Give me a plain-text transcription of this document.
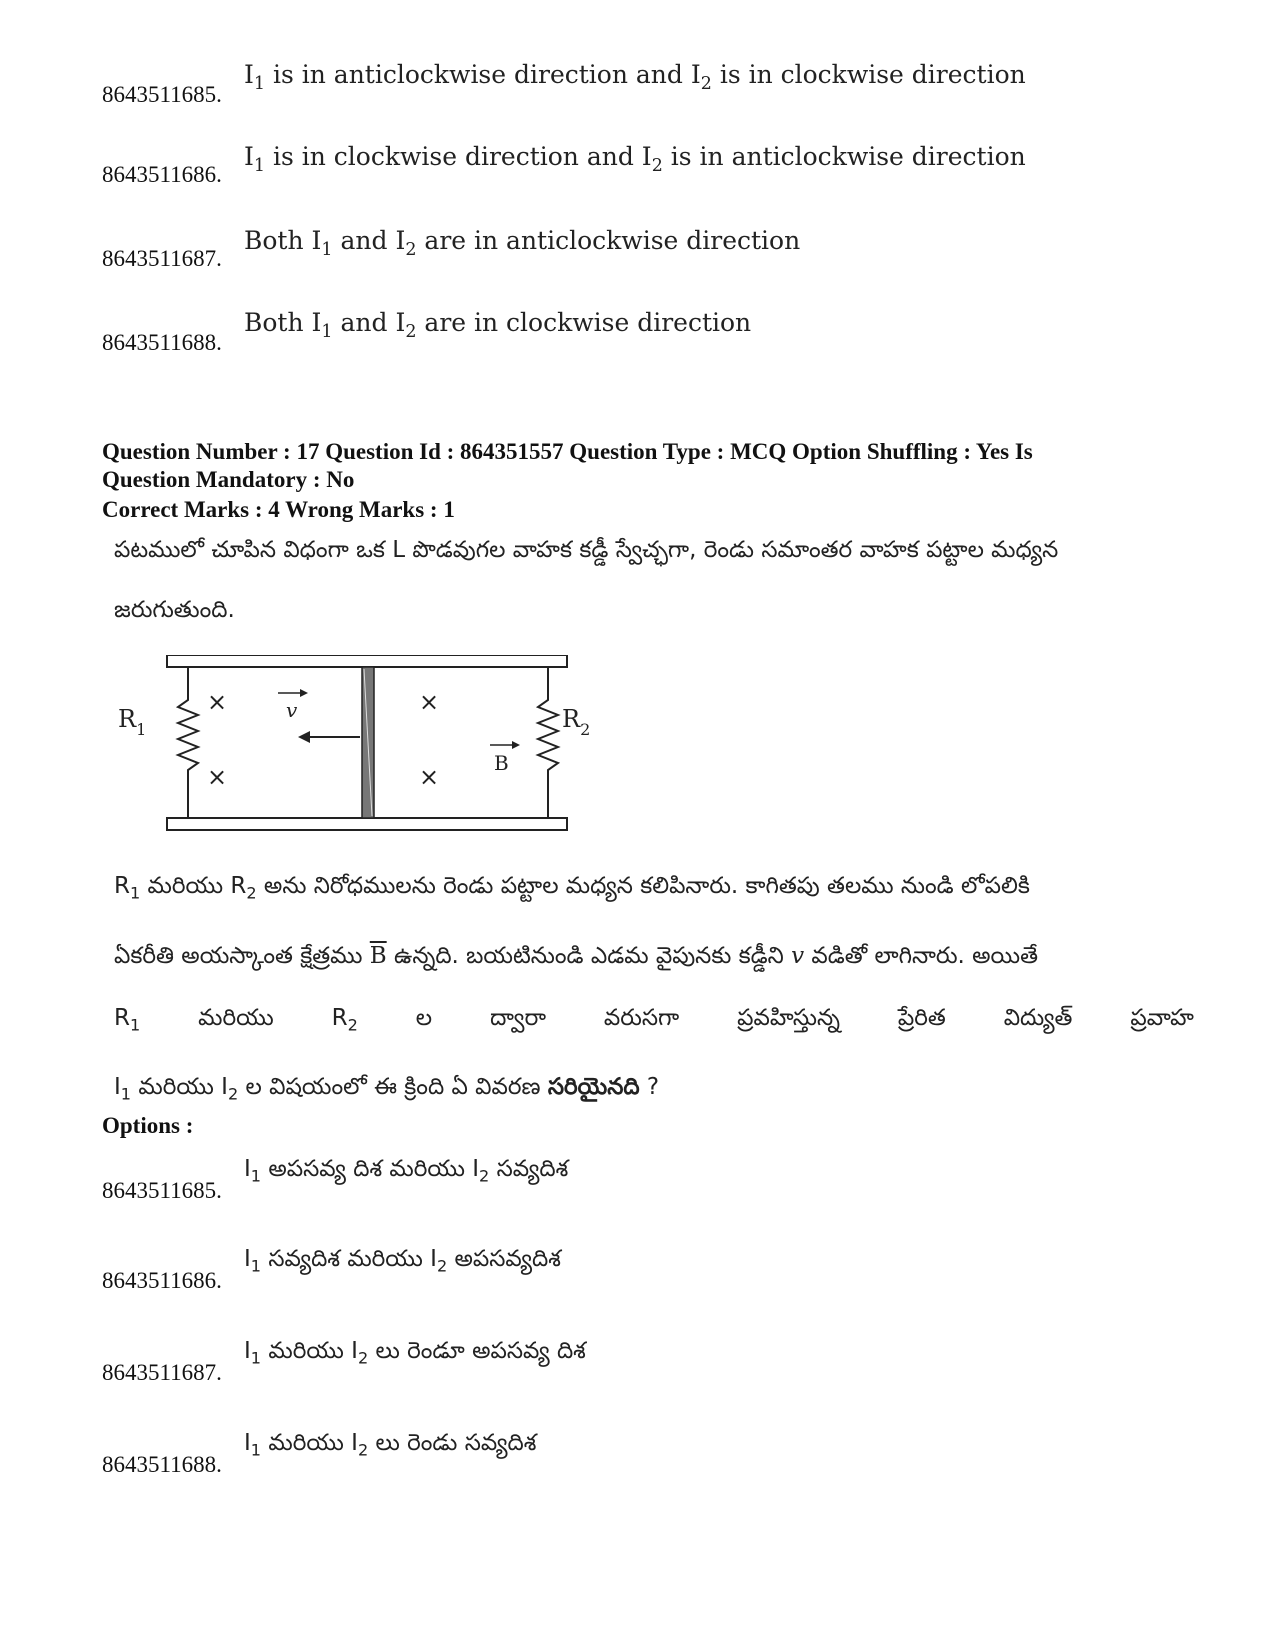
8643511685.
$I_1$ is in anticlockwise direction and $I_2$ is in clockwise direction
8643511686.
$I_1$ is in clockwise direction and $I_2$ is in anticlockwise direction
8643511687.
Both $I_1$ and $I_2$ are in anticlockwise direction
8643511688.
Both $I_1$ and $I_2$ are in clockwise direction
Question Number : 17 Question Id : 864351557 Question Type : MCQ Option Shuffling : Yes Is
Question Mandatory : No
Correct Marks : 4 Wrong Marks : 1
పటములో చూపిన విధంగా ఒక L పొడవుగల వాహక కడ్డీ స్వేచ్ఛగా, రెండు సమాంతర వాహక పట్టాల మధ్యన
జరుగుతుంది.
v
B
×
×
×
×
$R_1$	$R_2$
$R_1$ మరియు $R_2$ అను నిరోధములను రెండు పట్టాల మధ్యన కలిపినారు. కాగితపు తలము నుండి లోపలికి
ఏకరీతి అయస్కాంత క్షేత్రము $\overline{B}$ ఉన్నది. బయటినుండి ఎడమ వైపునకు కడ్డీని v వడితో లాగినారు. అయితే
$R_1$	మరియు	$R_2$	ల	ద్వారా	వరుసగా	ప్రవహిస్తున్న	ప్రేరిత	విద్యుత్	ప్రవాహ
$I_1$ మరియు $I_2$ ల విషయంలో ఈ క్రింది ఏ వివరణ సరియైనది ?
Options :
8643511685.
$I_1$ అపసవ్య దిశ మరియు $I_2$ సవ్యదిశ
8643511686.
$I_1$ సవ్యదిశ మరియు $I_2$ అపసవ్యదిశ
8643511687.
$I_1$ మరియు $I_2$ లు రెండూ అపసవ్య దిశ
8643511688.
$I_1$ మరియు $I_2$ లు రెండు సవ్యదిశ
